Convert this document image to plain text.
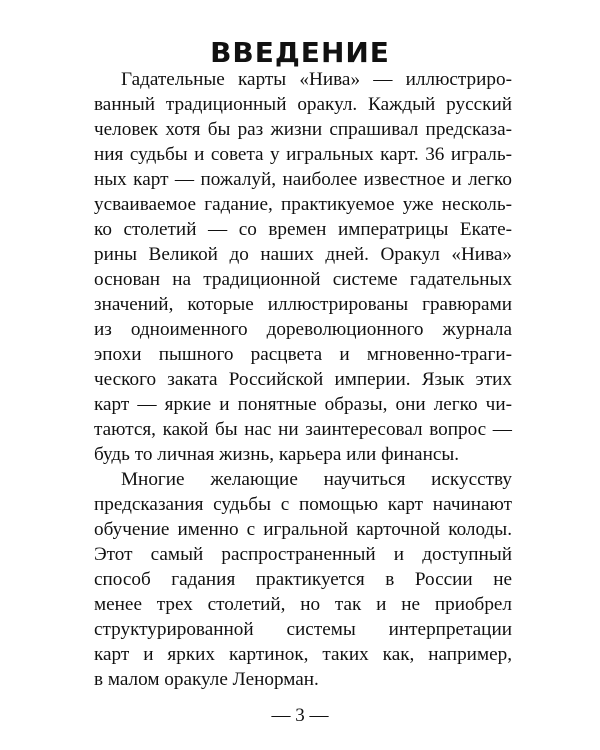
ВВЕДЕНИЕ
Гадательные карты «Нива» — иллюстриро-
ванный традиционный оракул. Каждый русский
человек хотя бы раз жизни спрашивал предсказа-
ния судьбы и совета у игральных карт. 36 играль-
ных карт — пожалуй, наиболее известное и легко
усваиваемое гадание, практикуемое уже несколь-
ко столетий — со времен императрицы Екате-
рины Великой до наших дней. Оракул «Нива»
основан на традиционной системе гадательных
значений, которые иллюстрированы гравюрами
из одноименного дореволюционного журнала
эпохи пышного расцвета и мгновенно-траги-
ческого заката Российской империи. Язык этих
карт — яркие и понятные образы, они легко чи-
таются, какой бы нас ни заинтересовал вопрос —
будь то личная жизнь, карьера или финансы.
Многие желающие научиться искусству
предсказания судьбы с помощью карт начинают
обучение именно с игральной карточной колоды.
Этот самый распространенный и доступный
способ гадания практикуется в России не
менее трех столетий, но так и не приобрел
структурированной системы интерпретации
карт и ярких картинок, таких как, например,
в малом оракуле Ленорман.
— 3 —
